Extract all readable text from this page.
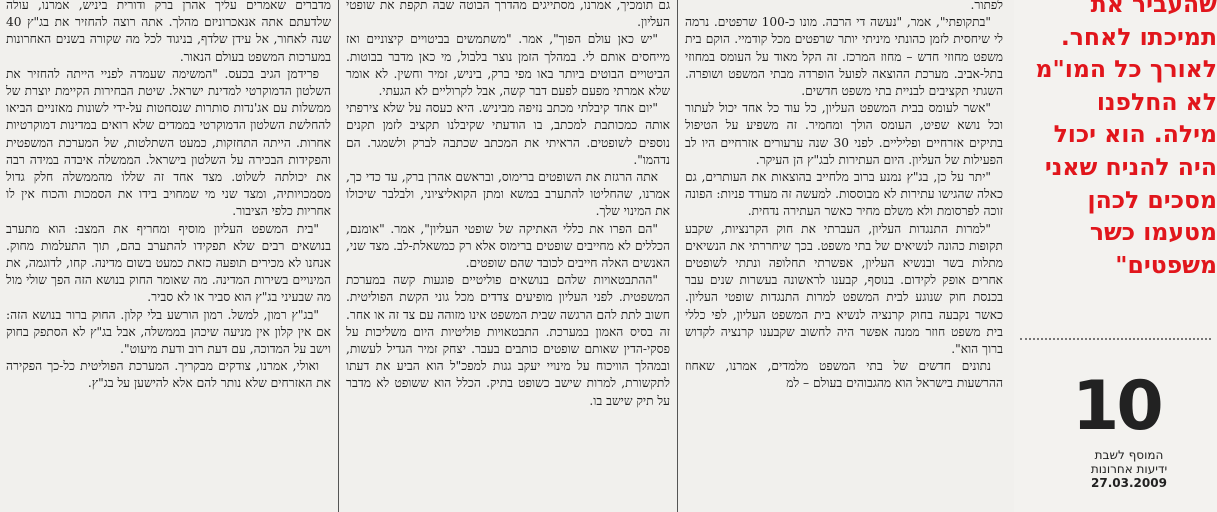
מדברים שאמרים עליך אהרן ברק ודורית ביניש, אמרנו, עולה שלדעתם אתה אנאכרוניזם מהלך. אתה רוצה להחזיר את בג"ץ 40 שנה לאחור, אל עידן שלדף, בניגוד לכל מה שקורה בשנים האחרונות במערכות המשפט בעולם הנאור.

פרידמן הגיב בכעס. "המשימה שעמדה לפניי הייתה להחזיר את השלטון הדמוקרטי למדינת ישראל. שיטת הבחירות הקיימת יוצרת של ממשלות עם אג'נדות סותרות שנסחטות על-ידי לשונות מאזניים הביאו להחלשת השלטון הדמוקרטי בממדים שלא רואים במדינות דמוקרטיות אחרות. הייתה התחזקות, כמעט השתלטות, של המערכת המשפטית והפקידות הבכירה על השלטון בישראל. הממשלה איבדה במידה רבה את יכולתה לשלוט. מצד אחד זה שללו מהממשלה חלק גדול מסמכויותיה, ומצד שני מי שמחויב בידו את הסמכות והכוח אין לו אחריות כלפי הציבור.

"בית המשפט העליון מוסיף ומחריף את המצב: הוא מתערב בנושאים רבים שלא תפקידו להתערב בהם, תוך התעלמות מחוק. אנחנו לא מכירים תופעה כזאת כמעט בשום מדינה. קחו, לדוגמה, את המינויים בשירות המדינה. מה שאומר החוק בנושא הזה הפך שולי מול מה שבעיני בג"ץ הוא סביר או לא סביר.

"בג"ץ רמון, למשל. רמון הורשע בלי קלון. החוק ברור בנושא הזה: אם אין קלון אין מניעה שיכהן בממשלה, אבל בג"ץ לא הסתפק בחוק וישב על המדוכה, עם דעת רוב ודעת מיעוט".

ואולי, אמרנו, צודקים מבקריך. המערכת הפוליטית כל-כך הפקירה את האזרחים שלא נותר להם אלא להישען על בג"ץ.

גם תומכיך, אמרנו, מסתייגים מהדרך הבוטה שבה תקפת את שופטי העליון.

"יש כאן עולם הפוך", אמר. "משתמשים בביטויים קיצוניים ואז מייחסים אותם לי. במהלך הזמן נוצר בלבול, מי כאן מדבר בבוטות. הביטויים הבוטים ביותר באו מפי ברק, ביניש, זמיר וחשין. לא אומר שלא אמרתי מפעם לפעם דבר קשה, אבל לקרוליים לא הגעתי.

"יום אחד קיבלתי מכתב נזיפה מביניש. היא כעסה על שלא צירפתי אותה כמכותבת למכתב, בו הודעתי שקיבלנו תקציב לזמן תקנים נוספים לשופטים. הראיתי את המכתב שכתבה לברק ולשמגר. הם נדהמו".

אתה הרגזת את השופטים ברימוס, ובראשם אהרן ברק, עד כדי כך, אמרנו, שהחליטו להתערב במשא ומתן הקואליציוני, ולבלבר שיכולו את המינוי שלך.

"הם הפרו את כללי האתיקה של שופטי העליון", אמר. "אומנם, הכללים לא מחייבים שופטים ברימוס אלא רק כמשאלת-לב. מצד שני, האנשים האלה חייבים לכובד שהם שופטים.

"ההתבטאויות שלהם בנושאים פוליטיים פוגעות קשה במערכת המשפטית. לפני העליון מופיעים צדדים מכל גוני הקשת הפוליטית. חשוב לתת להם הרגשה שבית המשפט אינו מזוהה עם צד זה או אחר. זה בסיס האמון במערכת. התבטאויות פוליטיות היום משליכות על פסקי-הדין שאותם שופטים כותבים בעבר. יצחק זמיר הגדיל לעשות, ובמהלך הוויכוח על מינויי יעקב גגות למפכ"ל הוא הביע את דעתו לתקשורת, למרות שישב כשופט בתיק. הכלל הוא ששופט לא מדבר על תיק שישב בו.

לפתור.

"בתקופתי", אמר, "נעשה די הרבה. מונו כ-100 שרפטים. נרמה לי שיחסית לזמן כהונתי מיניתי יותר שרפטים מכל קודמיי. הוקם בית משפט מחוזי חדש – מחוז המרכז. זה הקל מאוד על העומס במחוזי בתל-אביב. מערכת ההוצאה לפועל הופרדה מבתי המשפט ושופרה. השגתי תקציבים לבניית בתי משפט חדשים.

"אשר לעומס בבית המשפט העליון, כל עוד כל אחד יכול לעתור וכל נושא שפיט, העומס הולך ומחמיר. זה משפיע על הטיפול בתיקים אזרחיים ופליליים. לפני 30 שנה ערעורים אזרחיים היו לב הפעילות של העליון. היום העתירות לבג"ץ הן העיקר.

"יתר על כן, בג"ץ נמנע ברוב מלחייב בהוצאות את העותרים, גם כאלה שהגישו עתירות לא מבוססות. למעשה זה מעודד פניות: הפונה זוכה לפרסומת ולא משלם מחיר כאשר העתירה נדחית.

"למרות התנגדות העליון, העברתי את חוק הקרנציות, שקבע תקופות כהונה לנשיאים של בתי משפט. בכך שיחררתי את הנשיאים מתלות בשר ובנשיא העליון, אפשרתי תחלופה ונתתי לשופטים אחרים אופק לקידום. בנוסף, קבענו לראשונה בעשרות שנים עבר בכנסת חוק שנוגע לבית המשפט למרות התנגדות שופטי העליון. כאשר נקבעה בחוק קרנציה לנשיא בית המשפט העליון, לפי כללי בית משפט חוזר ממנה אפשר היה לחשוב שקבענו קרנציה לקדוש ברוך הוא".

נתונים חדשים של בתי המשפט מלמדים, אמרנו, שאחוז ההרשעות בישראל הוא מהגבוהים בעולם – למ

שהעביר את
תמיכתו לאחר.
לאורך כל המו"מ
לא החלפנו
מילה. הוא יכול
היה להניח שאני
מסכים לכהן
מטעמו כשר
משפטים"
10
המוסף לשבת
ידיעות אחרונות
27.03.2009
